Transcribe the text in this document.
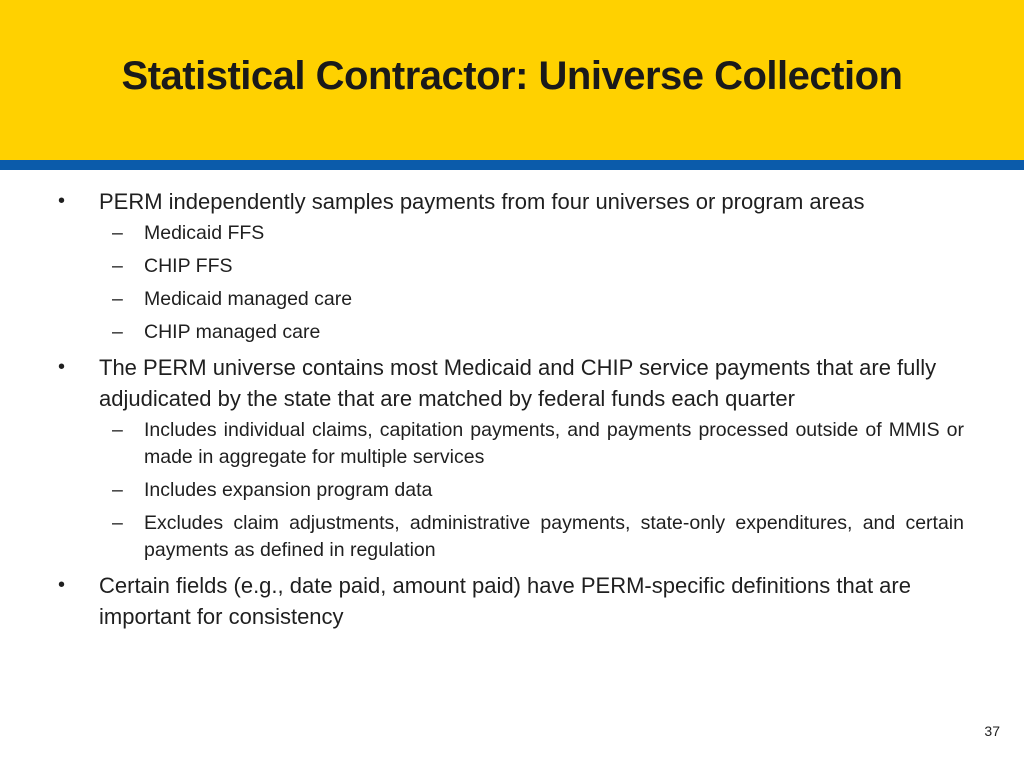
Statistical Contractor: Universe Collection
• PERM independently samples payments from four universes or program areas
– Medicaid FFS
– CHIP FFS
– Medicaid managed care
– CHIP managed care
• The PERM universe contains most Medicaid and CHIP service payments that are fully adjudicated by the state that are matched by federal funds each quarter
– Includes individual claims, capitation payments, and payments processed outside of MMIS or made in aggregate for multiple services
– Includes expansion program data
– Excludes claim adjustments, administrative payments, state-only expenditures, and certain payments as defined in regulation
• Certain fields (e.g., date paid, amount paid) have PERM-specific definitions that are important for consistency
37
